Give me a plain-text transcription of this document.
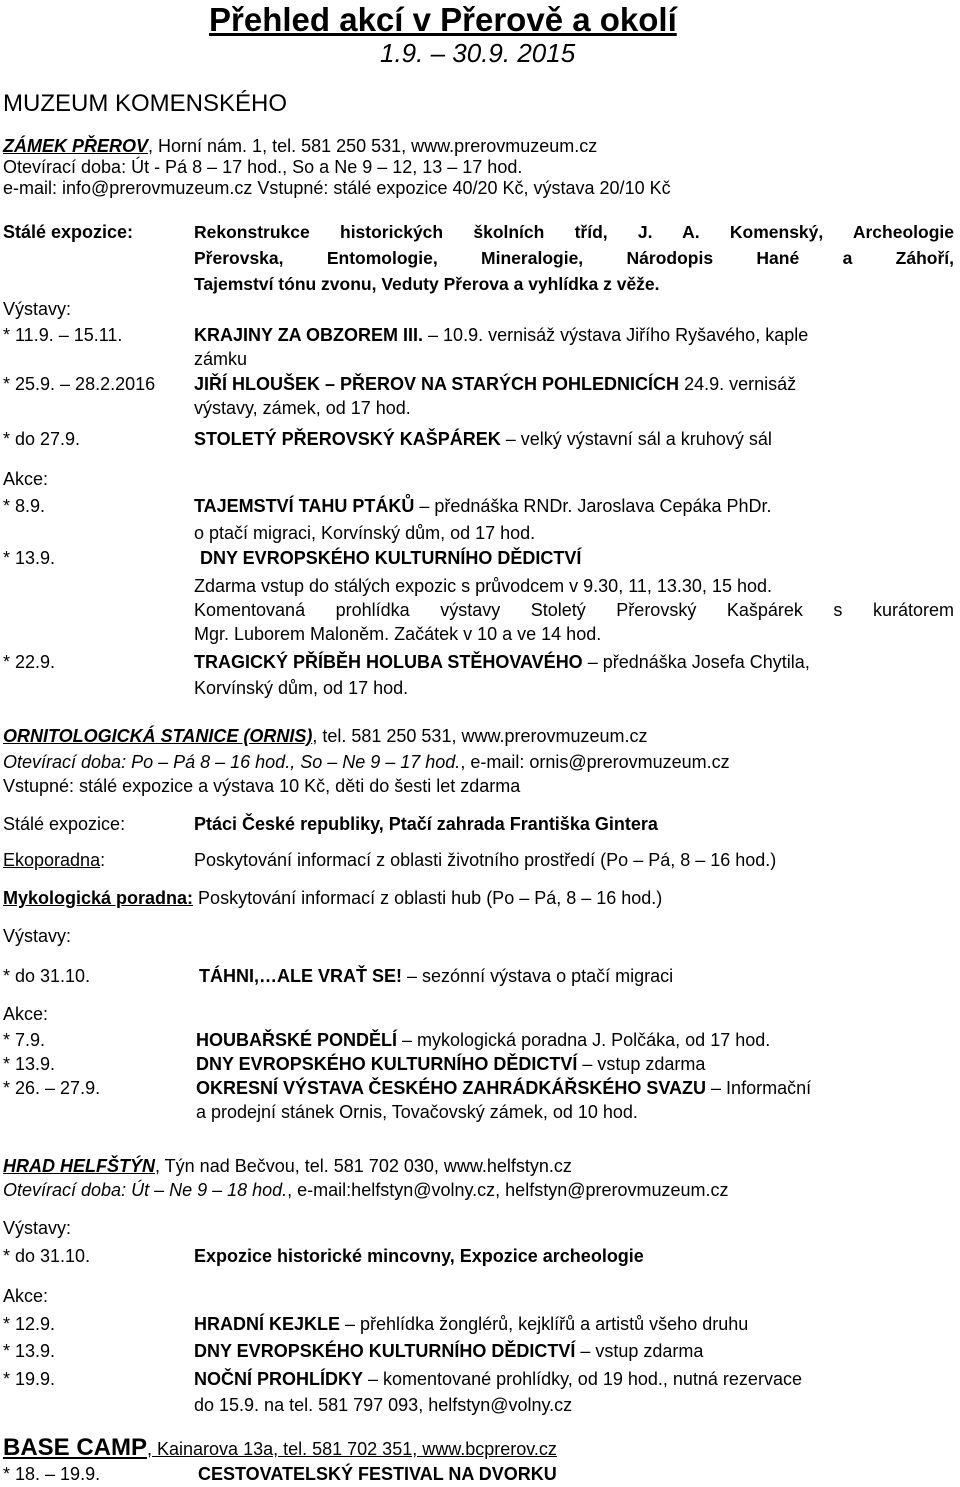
Přehled akcí v Přerově a okolí
1.9. – 30.9. 2015
MUZEUM KOMENSKÉHO
ZÁMEK PŘEROV, Horní nám. 1, tel. 581 250 531, www.prerovmuzeum.cz
Otevírací doba: Út - Pá 8 – 17 hod., So a Ne 9 – 12, 13 – 17 hod.
e-mail: info@prerovmuzeum.cz Vstupné: stálé expozice 40/20 Kč, výstava 20/10 Kč
Stálé expozice:	Rekonstrukce historických školních tříd, J. A. Komenský, Archeologie
Přerovska, Entomologie, Mineralogie, Národopis Hané a Záhoří,
Tajemství tónu zvonu, Veduty Přerova a vyhlídka z věže.
Výstavy:
* 11.9. – 15.11.	KRAJINY ZA OBZOREM III. – 10.9. vernisáž výstava Jiřího Ryšavého, kaple
zámku
* 25.9. – 28.2.2016 JIŘÍ HLOUŠEK – PŘEROV NA STARÝCH POHLEDNICÍCH 24.9. vernisáž
výstavy, zámek, od 17 hod.
* do 27.9.	STOLETÝ PŘEROVSKÝ KAŠPÁREK – velký výstavní sál a kruhový sál
Akce:
* 8.9.	TAJEMSTVÍ TAHU PTÁKŮ – přednáška RNDr. Jaroslava Cepáka PhDr.
o ptačí migraci, Korvínský dům, od 17 hod.
* 13.9.	DNY EVROPSKÉHO KULTURNÍHO DĚDICTVÍ
Zdarma vstup do stálých expozic s průvodcem v 9.30, 11, 13.30, 15 hod.
Komentovaná prohlídka výstavy Stoletý Přerovský Kašpárek s kurátorem
Mgr. Luborem Maloněm. Začátek v 10 a ve 14 hod.
* 22.9.	TRAGICKÝ PŘÍBĚH HOLUBA STĚHOVAVÉHO – přednáška Josefa Chytila,
Korvínský dům, od 17 hod.
ORNITOLOGICKÁ STANICE (ORNIS), tel. 581 250 531, www.prerovmuzeum.cz
Otevírací doba: Po – Pá 8 – 16 hod., So – Ne 9 – 17 hod., e-mail: ornis@prerovmuzeum.cz
Vstupné: stálé expozice a výstava 10 Kč, děti do šesti let zdarma
Stálé expozice:	Ptáci České republiky, Ptačí zahrada Františka Gintera
Ekoporadna:	Poskytování informací z oblasti životního prostředí (Po – Pá, 8 – 16 hod.)
Mykologická poradna: Poskytování informací z oblasti hub (Po – Pá, 8 – 16 hod.)
Výstavy:
* do 31.10.	TÁHNI,…ALE VRAŤ SE! – sezónní výstava o ptačí migraci
Akce:
* 7.9.	HOUBAŘSKÉ PONDĚLÍ – mykologická poradna J. Polčáka, od 17 hod.
* 13.9.	DNY EVROPSKÉHO KULTURNÍHO DĚDICTVÍ – vstup zdarma
* 26. – 27.9.	OKRESNÍ VÝSTAVA ČESKÉHO ZAHRÁDKÁŘSKÉHO SVAZU – Informační
a prodejní stánek Ornis, Tovačovský zámek, od 10 hod.
HRAD HELFŠTÝN, Týn nad Bečvou, tel. 581 702 030, www.helfstyn.cz
Otevírací doba: Út – Ne 9 – 18 hod., e-mail:helfstyn@volny.cz, helfstyn@prerovmuzeum.cz
Výstavy:
* do 31.10.	Expozice historické mincovny, Expozice archeologie
Akce:
* 12.9.	HRADNÍ KEJKLE – přehlídka žonglérů, kejklířů a artistů všeho druhu
* 13.9.	DNY EVROPSKÉHO KULTURNÍHO DĚDICTVÍ – vstup zdarma
* 19.9.	NOČNÍ PROHLÍDKY – komentované prohlídky, od 19 hod., nutná rezervace
do 15.9. na tel. 581 797 093, helfstyn@volny.cz
BASE CAMP, Kainarova 13a, tel. 581 702 351, www.bcprerov.cz
* 18. – 19.9.	CESTOVATELSKÝ FESTIVAL NA DVORKU
